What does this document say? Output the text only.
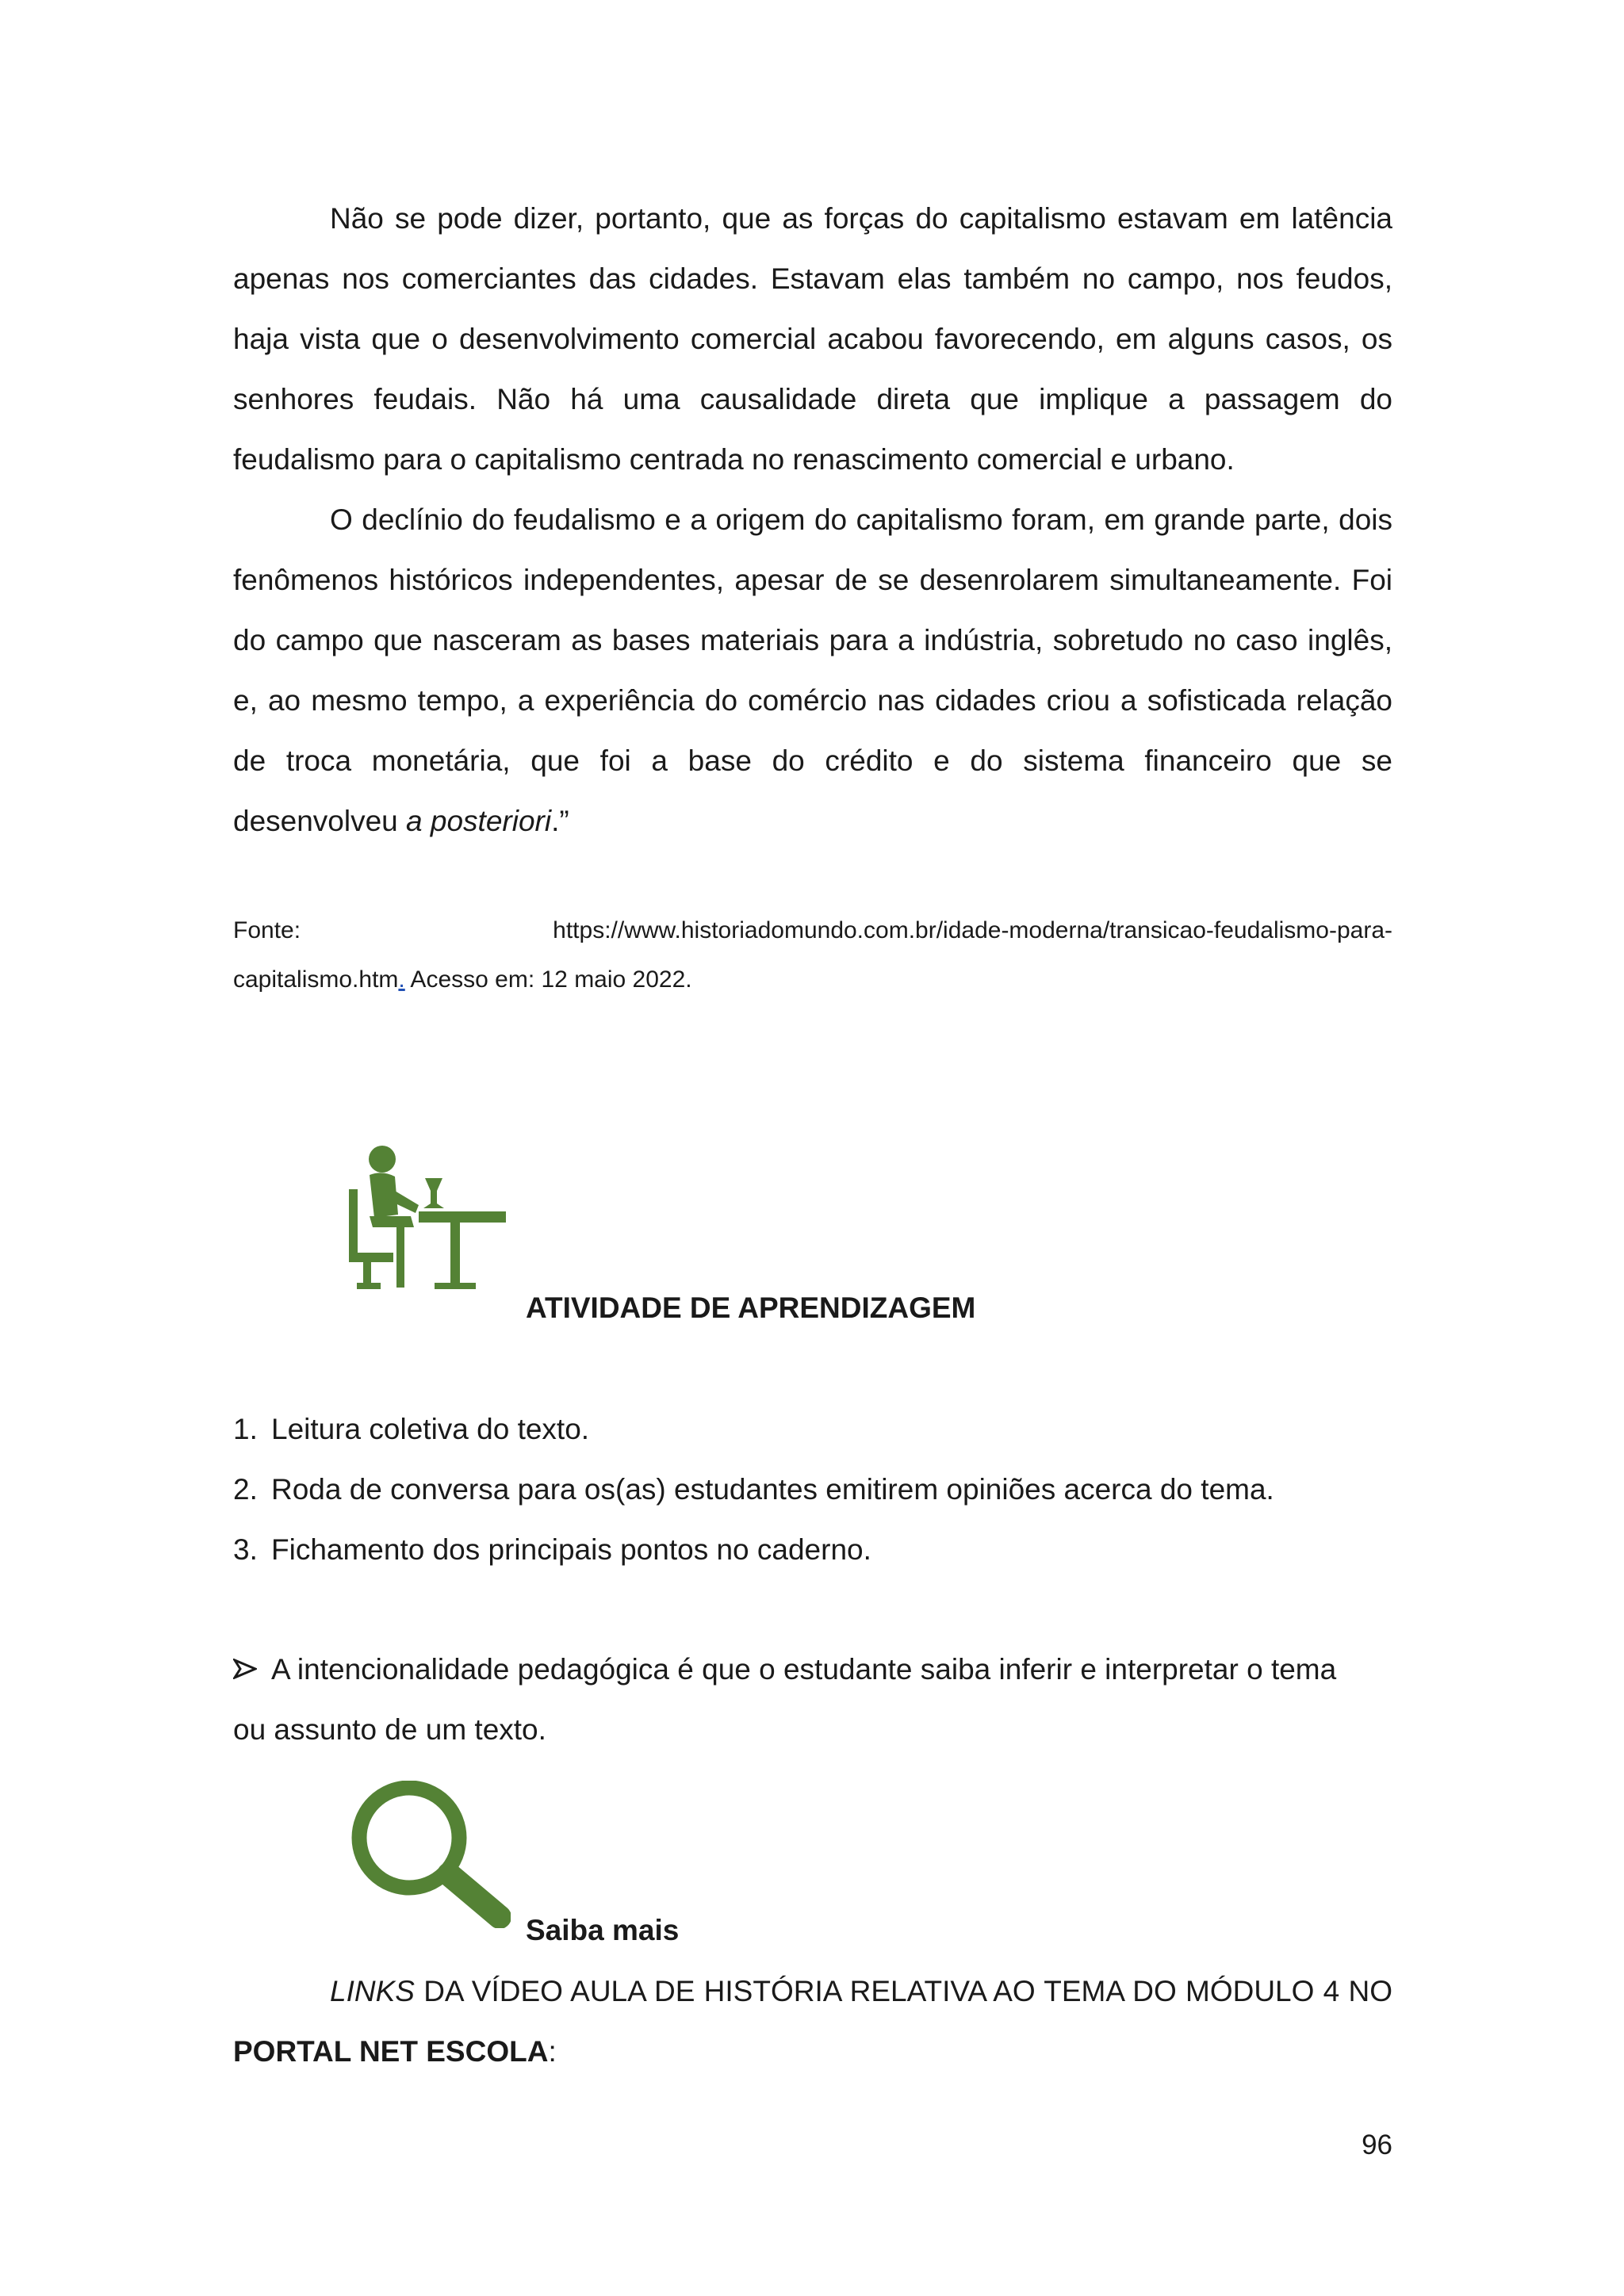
Não se pode dizer, portanto, que as forças do capitalismo estavam em latência apenas nos comerciantes das cidades. Estavam elas também no campo, nos feudos, haja vista que o desenvolvimento comercial acabou favorecendo, em alguns casos, os senhores feudais. Não há uma causalidade direta que implique a passagem do feudalismo para o capitalismo centrada no renascimento comercial e urbano.

O declínio do feudalismo e a origem do capitalismo foram, em grande parte, dois fenômenos históricos independentes, apesar de se desenrolarem simultaneamente. Foi do campo que nasceram as bases materiais para a indústria, sobretudo no caso inglês, e, ao mesmo tempo, a experiência do comércio nas cidades criou a sofisticada relação de troca monetária, que foi a base do crédito e do sistema financeiro que se desenvolveu a posteriori.”

Fonte:	https://www.historiadomundo.com.br/idade-moderna/transicao-feudalismo-para-capitalismo.htm. Acesso em: 12 maio 2022.

ATIVIDADE DE APRENDIZAGEM
1. Leitura coletiva do texto.
2. Roda de conversa para os(as) estudantes emitirem opiniões acerca do tema.
3. Fichamento dos principais pontos no caderno.

A intencionalidade pedagógica é que o estudante saiba inferir e interpretar o tema ou assunto de um texto.

Saiba mais

LINKS DA VÍDEO AULA DE HISTÓRIA RELATIVA AO TEMA DO MÓDULO 4 NO PORTAL NET ESCOLA:

96
